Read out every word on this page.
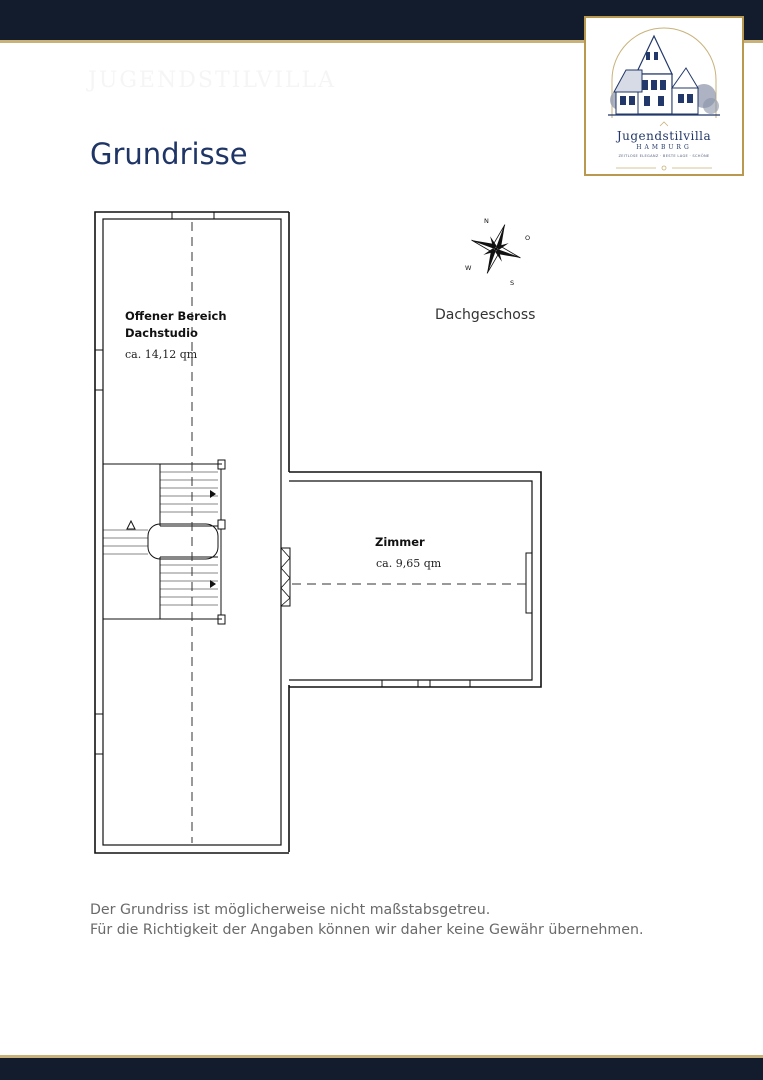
JUGENDSTILVILLA
Jugendstilvilla
HAMBURG
ZEITLOSE ELEGANZ · BESTE LAGE · SCHÖNE
Grundrisse
N
O
S
W
Offener Bereich
Dachstudio
ca. 14,12 qm
Zimmer
ca. 9,65 qm
Dachgeschoss
Der Grundriss ist möglicherweise nicht maßstabsgetreu.
Für die Richtigkeit der Angaben können wir daher keine Gewähr übernehmen.
